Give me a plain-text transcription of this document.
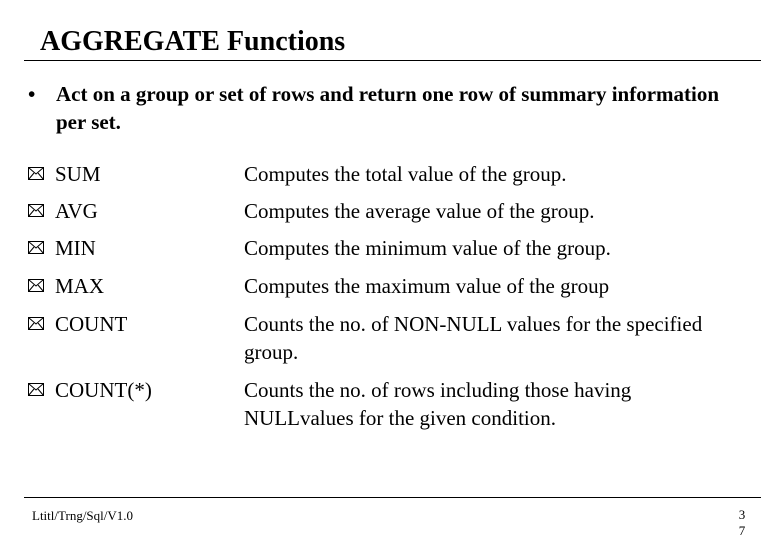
AGGREGATE Functions
• Act on a group or set of rows and return one row of summary information per set.
SUM	Computes the total value of the group.
AVG	Computes the average value of the group.
MIN	Computes the minimum value of the group.
MAX	Computes the maximum value of the group
COUNT	Counts the no. of NON-NULL values for the specified group.
COUNT(*)	Counts the no. of rows including those having NULLvalues for the given condition.
Ltitl/Trng/Sql/V1.0	3
7
